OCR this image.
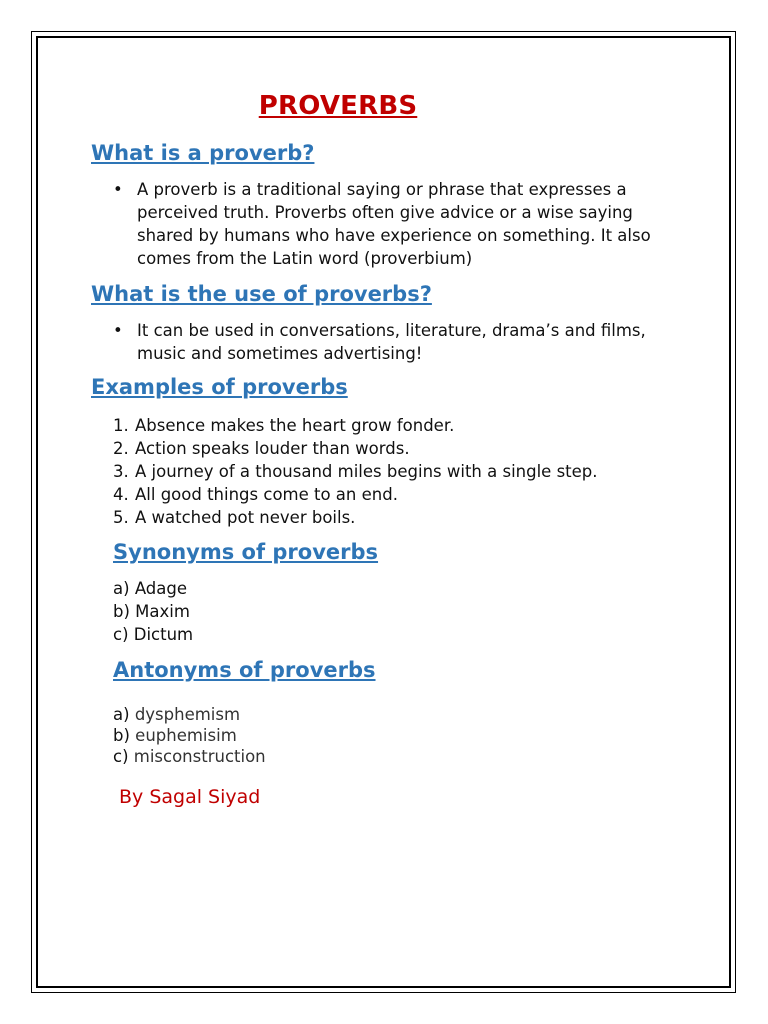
PROVERBS
What is a proverb?
• A proverb is a traditional saying or phrase that expresses a perceived truth. Proverbs often give advice or a wise saying shared by humans who have experience on something. It also comes from the Latin word (proverbium)
What is the use of proverbs?
• It can be used in conversations, literature, drama’s and films, music and sometimes advertising!
Examples of proverbs
1. Absence makes the heart grow fonder.
2. Action speaks louder than words.
3. A journey of a thousand miles begins with a single step.
4. All good things come to an end.
5. A watched pot never boils.
Synonyms of proverbs
a) Adage
b) Maxim
c) Dictum
Antonyms of proverbs
a) dysphemism
b) euphemisim
c) misconstruction

By Sagal Siyad
